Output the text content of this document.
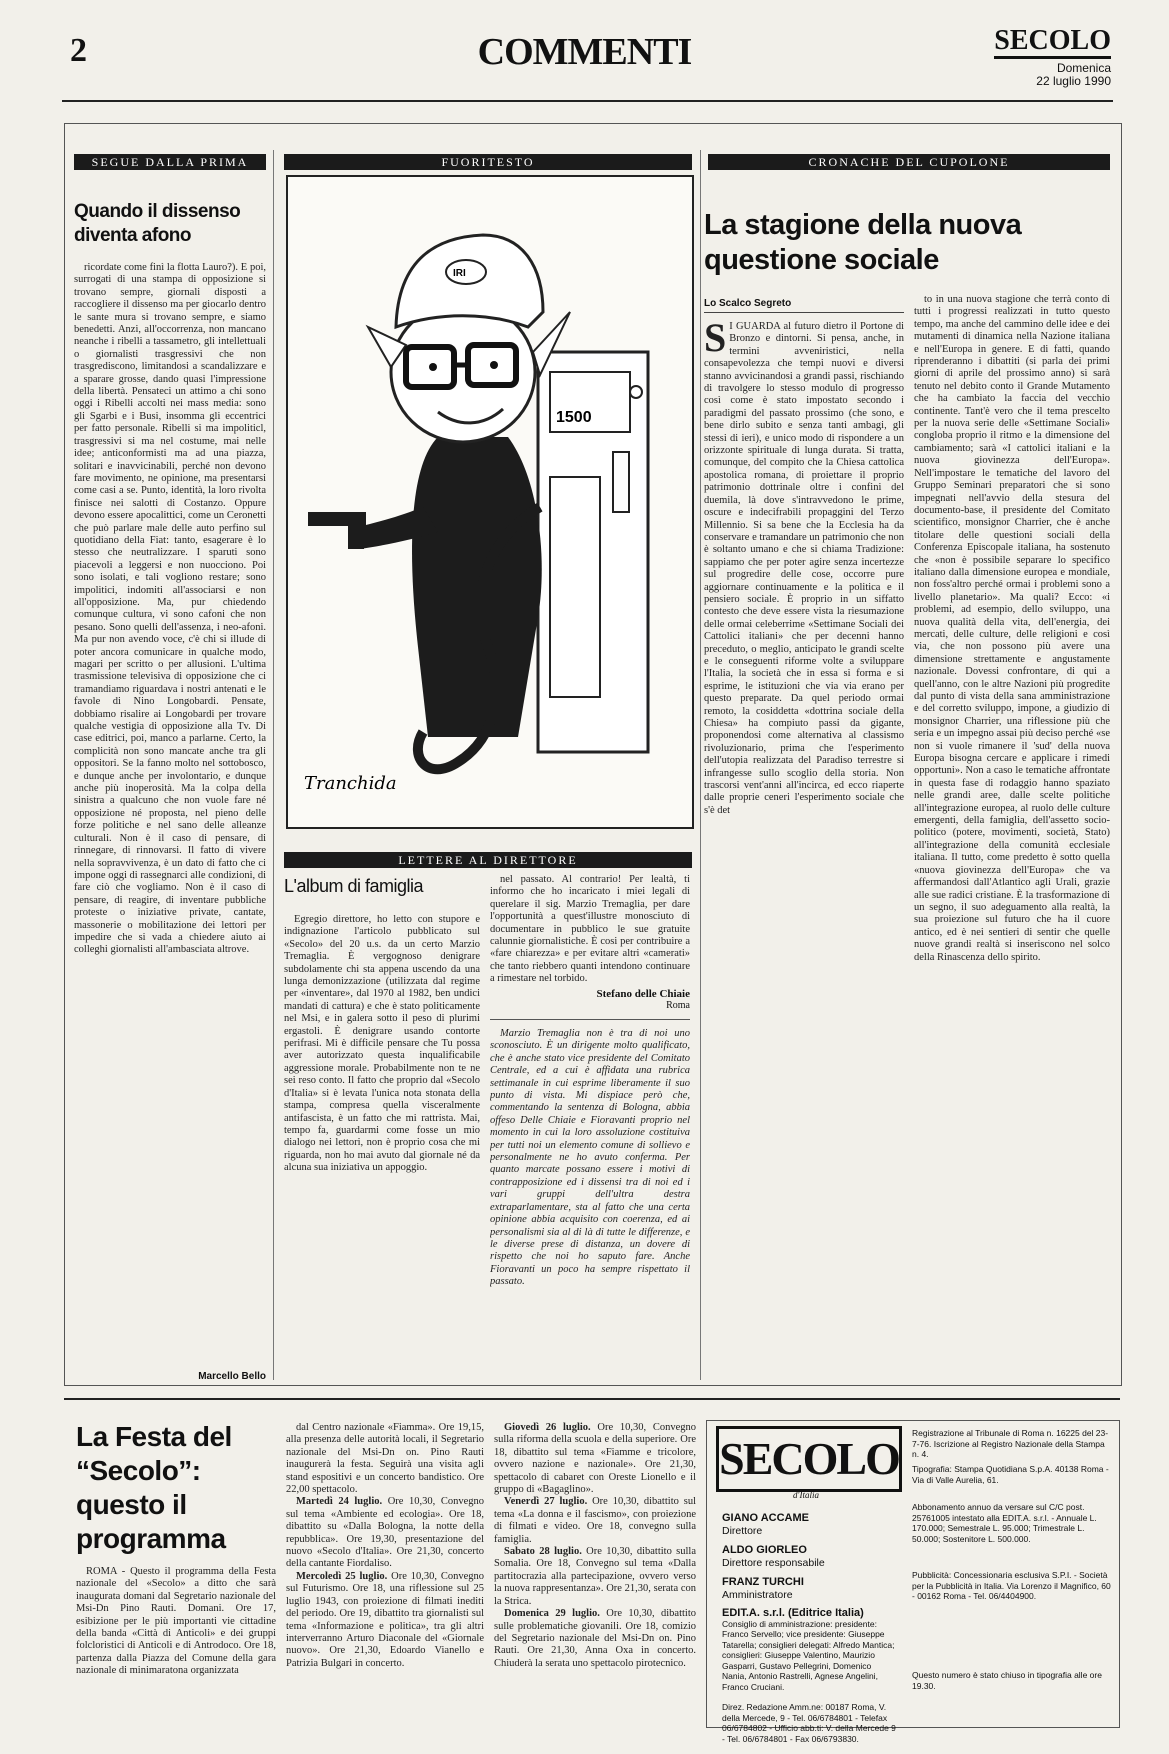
2	COMMENTI	SECOLO
Domenica
22 luglio 1990
SEGUE DALLA PRIMA
Quando il dissenso diventa afono

ricordate come finì la flotta Lauro?). E poi, surrogati di una stampa di opposizione si trovano sempre, giornali disposti a raccogliere il dissenso ma per giocarlo dentro le sante mura si trovano sempre, e siamo benedetti. Anzi, all'occorrenza, non mancano neanche i ribelli a tassametro, gli intellettuali o giornalisti trasgressivi che non trasgrediscono, limitandosi a scandalizzare e a sparare grosse, dando quasi l'impressione della libertà. Pensateci un attimo a chi sono oggi i Ribelli accolti nei mass media: sono gli Sgarbi e i Busi, insomma gli eccentrici per fatto personale. Ribelli si ma impoliticl, trasgressivi si ma nel costume, mai nelle idee; anticonformisti ma ad una piazza, solitari e inavvicinabili, perché non devono fare movimento, ne opinione, ma presentarsi come casi a se. Punto, identità, la loro rivolta finisce nei salotti di Costanzo. Oppure devono essere apocalittici, come un Ceronetti che può parlare male delle auto perfino sul quotidiano della Fiat: tanto, esagerare è lo stesso che neutralizzare. I sparuti sono piacevoli a leggersi e non nuocciono. Poi sono isolati, e tali vogliono restare; sono impolitici, indomiti all'associarsi e non all'opposizione. Ma, pur chiedendo comunque cultura, vi sono cafoni che non pesano. Sono quelli dell'assenza, i neo-afoni. Ma pur non avendo voce, c'è chi si illude di poter ancora comunicare in qualche modo, magari per scritto o per allusioni. L'ultima trasmissione televisiva di opposizione che ci tramandiamo riguardava i nostri antenati e le favole di Nino Longobardi. Pensate, dobbiamo risalire ai Longobardi per trovare qualche vestigia di opposizione alla Tv. Di case editrici, poi, manco a parlarne. Certo, la complicità non sono mancate anche tra gli oppositori. Se la fanno molto nel sottobosco, e dunque anche per involontario, e dunque anche più inoperosità. Ma la colpa della sinistra a qualcuno che non vuole fare né opposizione né proposta, nel pieno delle forze politiche e nel sano delle alleanze culturali. Non è il caso di pensare, di rinnegare, di rinnovarsi. Il fatto di vivere nella sopravvivenza, è un dato di fatto che ci impone oggi di rassegnarci alle condizioni, di fare ciò che vogliamo. Non è il caso di pensare, di reagire, di inventare pubbliche proteste o iniziative private, cantate, massonerie o mobilitazione dei lettori per impedire che si vada a chiedere aiuto ai colleghi giornalisti all'ambasciata altrove.

Marcello Bello
FUORITESTO
1500
IRI
Tranchida
LETTERE AL DIRETTORE
L'album di famiglia

Egregio direttore, ho letto con stupore e indignazione l'articolo pubblicato sul «Secolo» del 20 u.s. da un certo Marzio Tremaglia. È vergognoso denigrare subdolamente chi sta appena uscendo da una lunga demonizzazione (utilizzata dal regime per «inventare», dal 1970 al 1982, ben undici mandati di cattura) e che è stato politicamente nel Msi, e in galera sotto il peso di plurimi ergastoli. È denigrare usando contorte perifrasi. Mi è difficile pensare che Tu possa aver autorizzato questa inqualificabile aggressione morale. Probabilmente non te ne sei reso conto. Il fatto che proprio dal «Secolo d'Italia» si è levata l'unica nota stonata della stampa, compresa quella visceralmente antifascista, è un fatto che mi rattrista. Mai, tempo fa, guardarmi come fosse un mio dialogo nei lettori, non è proprio cosa che mi riguarda, non ho mai avuto dal giornale né da alcuna sua iniziativa un appoggio.

nel passato. Al contrario! Per lealtà, ti informo che ho incaricato i miei legali di querelare il sig. Marzio Tremaglia, per dare l'opportunità a quest'illustre monosciuto di documentare in pubblico le sue gratuite calunnie giornalistiche. È cosi per contribuire a «fare chiarezza» e per evitare altri «camerati» che tanto riebbero quanti intendono continuare a rimestare nel torbido.

Stefano delle Chiaie
Roma

Marzio Tremaglia non è tra di noi uno sconosciuto. È un dirigente molto qualificato, che è anche stato vice presidente del Comitato Centrale, ed a cui è affidata una rubrica settimanale in cui esprime liberamente il suo punto di vista. Mi dispiace però che, commentando la sentenza di Bologna, abbia offeso Delle Chiaie e Fioravanti proprio nel momento in cui la loro assoluzione costituiva per tutti noi un elemento comune di sollievo e personalmente ne ho avuto conferma. Per quanto marcate possano essere i motivi di contrapposizione ed i dissensi tra di noi ed i vari gruppi dell'ultra destra extraparlamentare, sta al fatto che una certa opinione abbia acquisito con coerenza, ed ai personalismi sia al di là di tutte le differenze, e le diverse prese di distanza, un dovere di rispetto che noi ho saputo fare. Anche Fioravanti un poco ha sempre rispettato il passato.

CRONACHE DEL CUPOLONE
La stagione della nuova questione sociale
Lo Scalco Segreto
S I GUARDA al futuro dietro il Portone di Bronzo e dintorni. Si pensa, anche, in termini avveniristici, nella consapevolezza che tempi nuovi e diversi stanno avvicinandosi a grandi passi, rischiando di travolgere lo stesso modulo di progresso così come è stato impostato secondo i paradigmi del passato prossimo (che sono, e bene dirlo subito e senza tanti ambagi, gli stessi di ieri), e unico modo di rispondere a un orizzonte spirituale di lunga durata. Si tratta, comunque, del compito che la Chiesa cattolica apostolica romana, di proiettare il proprio patrimonio dottrinale oltre i confini del duemila, là dove s'intravvedono le prime, oscure e indecifrabili propaggini del Terzo Millennio. Si sa bene che la Ecclesia ha da conservare e tramandare un patrimonio che non è soltanto umano e che si chiama Tradizione: sappiamo che per poter agire senza incertezze sul progredire delle cose, occorre pure aggiornare continuamente e la politica e il pensiero sociale. È proprio in un siffatto contesto che deve essere vista la riesumazione delle ormai celeberrime «Settimane Sociali dei Cattolici italiani» che per decenni hanno preceduto, o meglio, anticipato le grandi scelte e le conseguenti riforme volte a sviluppare l'Italia, la società che in essa si forma e si esprime, le istituzioni che via via erano per questo preparate. Da quel periodo ormai remoto, la cosiddetta «dottrina sociale della Chiesa» ha compiuto passi da gigante, proponendosi come alternativa al classismo rivoluzionario, prima che l'esperimento dell'utopia realizzata del Paradiso terrestre si infrangesse sullo scoglio della storia. Non trascorsi vent'anni all'incirca, ed ecco riaperte dalle proprie ceneri l'esperimento sociale che s'è det

to in una nuova stagione che terrà conto di tutti i progressi realizzati in tutto questo tempo, ma anche del cammino delle idee e dei mutamenti di dinamica nella Nazione italiana e nell'Europa in genere. E di fatti, quando riprenderanno i dibattiti (si parla dei primi giorni di aprile del prossimo anno) si sarà tenuto nel debito conto il Grande Mutamento che ha cambiato la faccia del vecchio continente. Tant'è vero che il tema prescelto per la nuova serie delle «Settimane Sociali» congloba proprio il ritmo e la dimensione del cambiamento; sarà «I cattolici italiani e la nuova giovinezza dell'Europa». Nell'impostare le tematiche del lavoro del Gruppo Seminari preparatori che si sono impegnati nell'avvio della stesura del documento-base, il presidente del Comitato scientifico, monsignor Charrier, che è anche titolare delle questioni sociali della Conferenza Episcopale italiana, ha sostenuto che «non è possibile separare lo specifico italiano dalla dimensione europea e mondiale, non foss'altro perché ormai i problemi sono a livello planetario». Ma quali? Ecco: «i problemi, ad esempio, dello sviluppo, una nuova qualità della vita, dell'energia, dei mercati, delle culture, delle religioni e così via, che non possono più avere una dimensione strettamente e angustamente nazionale. Dovessi confrontare, di qui a quell'anno, con le altre Nazioni più progredite dal punto di vista della sana amministrazione e del corretto sviluppo, impone, a giudizio di monsignor Charrier, una riflessione più che seria e un impegno assai più deciso perché «se non si vuole rimanere il 'sud' della nuova Europa bisogna cercare e applicare i rimedi opportuni». Non a caso le tematiche affrontate in questa fase di rodaggio hanno spaziato nelle grandi aree, dalle scelte politiche all'integrazione europea, al ruolo delle culture emergenti, della famiglia, dell'assetto socio-politico (potere, movimenti, società, Stato) all'integrazione della comunità ecclesiale italiana. Il tutto, come predetto è sotto quella «nuova giovinezza dell'Europa» che va affermandosi dall'Atlantico agli Urali, grazie alle sue radici cristiane. È la trasformazione di un segno, il suo adeguamento alla realtà, la sua proiezione sul futuro che ha il cuore antico, ed è nei sentieri di sentir che quelle nuove grandi realtà si inseriscono nel solco della Rinascenza dello spirito.

La Festa del “Secolo”: questo il programma

ROMA - Questo il programma della Festa nazionale del «Secolo» a ditto che sarà inaugurata domani dal Segretario nazionale del Msi-Dn Pino Rauti. Domani. Ore 17, esibizione per le più importanti vie cittadine della banda «Città di Anticoli» e dei gruppi folcloristici di Anticoli e di Antrodoco. Ore 18, partenza dalla Piazza del Comune della gara nazionale di minimaratona organizzata

dal Centro nazionale «Fiamma». Ore 19,15, alla presenza delle autorità locali, il Segretario nazionale del Msi-Dn on. Pino Rauti inaugurerà la festa. Seguirà una visita agli stand espositivi e un concerto bandistico. Ore 22,00 spettacolo.

Martedì 24 luglio. Ore 10,30, Convegno sul tema «Ambiente ed ecologia». Ore 18, dibattito su «Dalla Bologna, la notte della repubblica». Ore 19,30, presentazione del nuovo «Secolo d'Italia». Ore 21,30, concerto della cantante Fiordaliso.

Mercoledì 25 luglio. Ore 10,30, Convegno sul Futurismo. Ore 18, una riflessione sul 25 luglio 1943, con proiezione di filmati inediti del periodo. Ore 19, dibattito tra giornalisti sul tema «Informazione e politica», tra gli altri interverranno Arturo Diaconale del «Giornale nuovo». Ore 21,30, Edoardo Vianello e Patrizia Bulgari in concerto.

Giovedì 26 luglio. Ore 10,30, Convegno sulla riforma della scuola e della superiore. Ore 18, dibattito sul tema «Fiamme e tricolore, ovvero nazione e nazionale». Ore 21,30, spettacolo di cabaret con Oreste Lionello e il gruppo di «Bagaglino».

Venerdì 27 luglio. Ore 10,30, dibattito sul tema «La donna e il fascismo», con proiezione di filmati e video. Ore 18, convegno sulla famiglia.

Sabato 28 luglio. Ore 10,30, dibattito sulla Somalia. Ore 18, Convegno sul tema «Dalla partitocrazia alla partecipazione, ovvero verso la nuova rappresentanza». Ore 21,30, serata con la Strica.

Domenica 29 luglio. Ore 10,30, dibattito sulle problematiche giovanili. Ore 18, comizio del Segretario nazionale del Msi-Dn on. Pino Rauti. Ore 21,30, Anna Oxa in concerto. Chiuderà la serata uno spettacolo pirotecnico.

SECOLO
d'Italia
GIANO ACCAME
Direttore
ALDO GIORLEO
Direttore responsabile
FRANZ TURCHI
Amministratore
EDIT.A. s.r.l. (Editrice Italia) Consiglio di amministrazione: presidente: Franco Servello; vice presidente: Giuseppe Tatarella; consiglieri delegati: Alfredo Mantica; consiglieri: Giuseppe Valentino, Maurizio Gasparri, Gustavo Pellegrini, Domenico Nania, Antonio Rastrelli, Agnese Angelini, Franco Cruciani.
Direz. Redazione Amm.ne: 00187 Roma, V. della Mercede, 9 - Tel. 06/6784801 - Telefax 06/6784802 - Ufficio abb.ti: V. della Mercede 9 - Tel. 06/6784801 - Fax 06/6793830.
Registrazione al Tribunale di Roma n. 16225 del 23-7-76. Iscrizione al Registro Nazionale della Stampa n. 4.
Tipografia: Stampa Quotidiana S.p.A. 40138 Roma - Via di Valle Aurelia, 61.
Abbonamento annuo da versare sul C/C post. 25761005 intestato alla EDIT.A. s.r.l. - Annuale L. 170.000; Semestrale L. 95.000; Trimestrale L. 50.000; Sostenitore L. 500.000.
Pubblicità: Concessionaria esclusiva S.P.I. - Società per la Pubblicità in Italia. Via Lorenzo il Magnifico, 60 - 00162 Roma - Tel. 06/4404900.
Questo numero è stato chiuso in tipografia alle ore 19.30.
